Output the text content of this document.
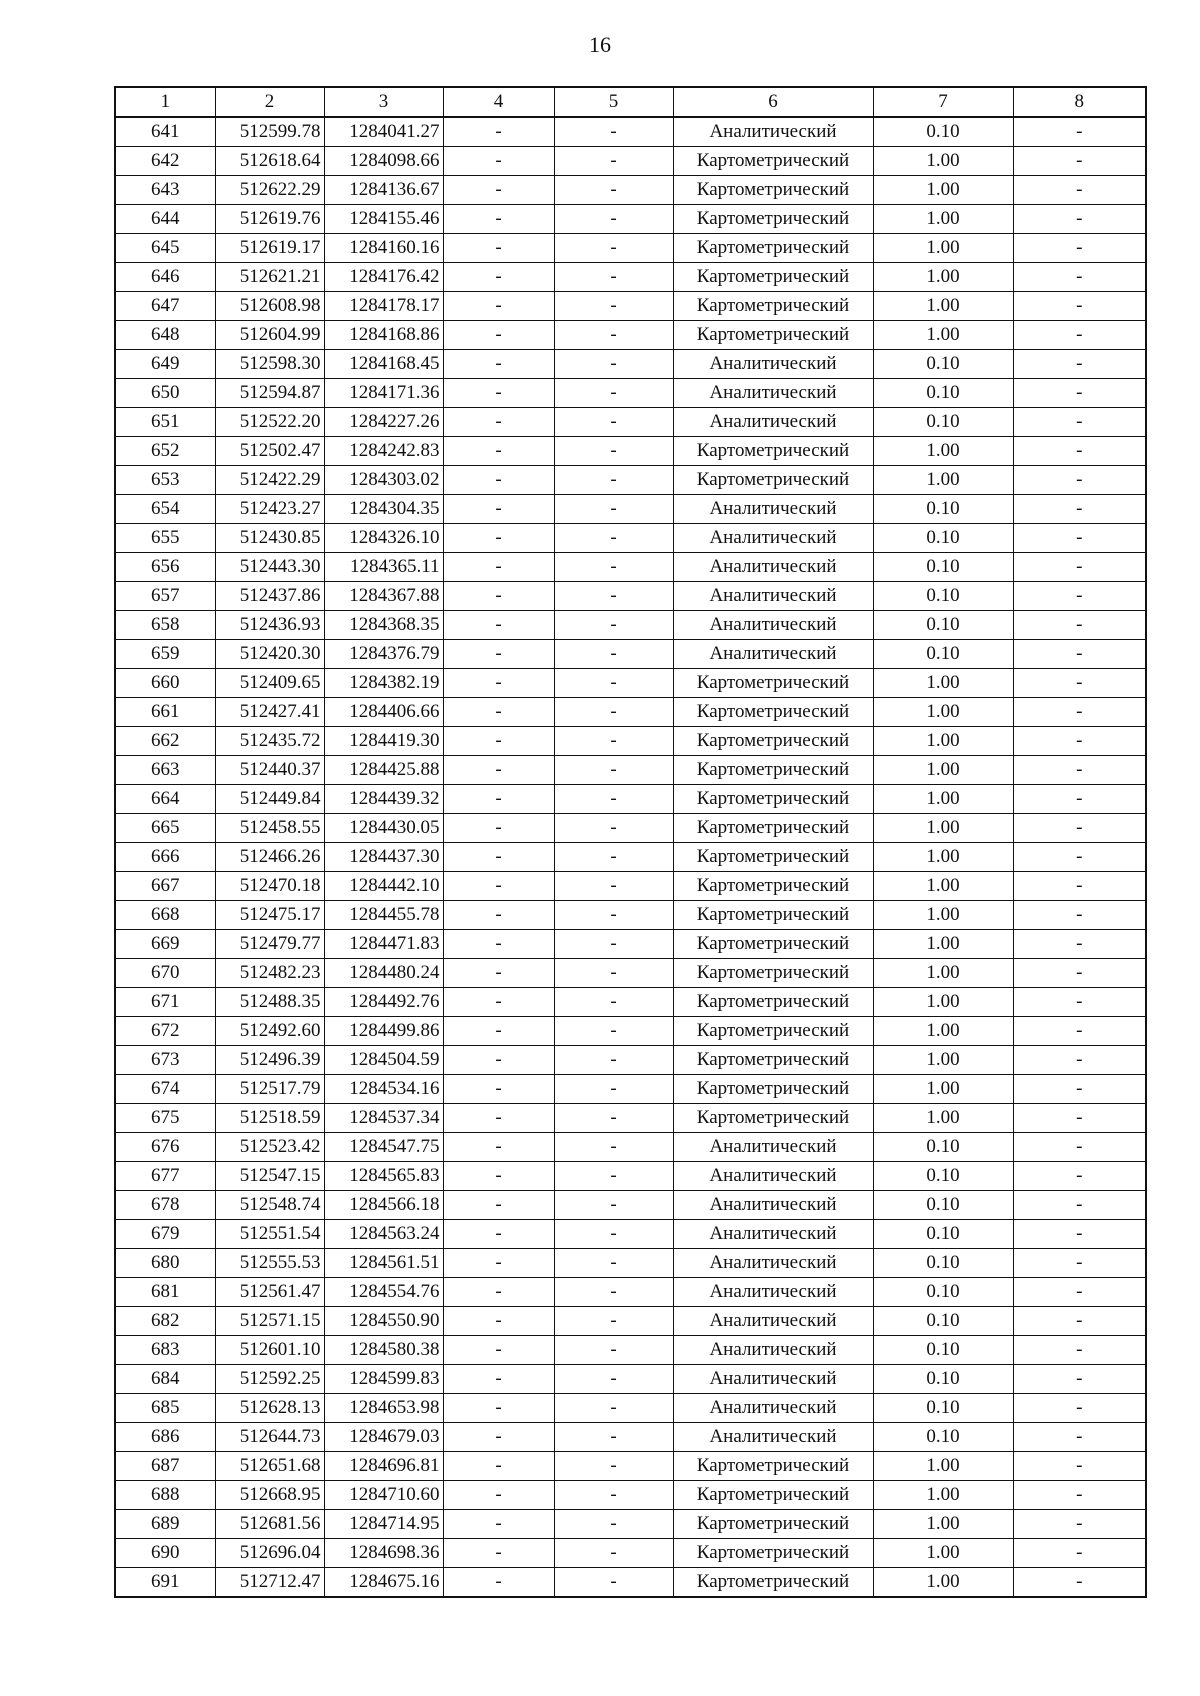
16
1	2	3	4	5	6	7	8
641	512599.78	1284041.27	-	-	Аналитический	0.10	-
642	512618.64	1284098.66	-	-	Картометрический	1.00	-
643	512622.29	1284136.67	-	-	Картометрический	1.00	-
644	512619.76	1284155.46	-	-	Картометрический	1.00	-
645	512619.17	1284160.16	-	-	Картометрический	1.00	-
646	512621.21	1284176.42	-	-	Картометрический	1.00	-
647	512608.98	1284178.17	-	-	Картометрический	1.00	-
648	512604.99	1284168.86	-	-	Картометрический	1.00	-
649	512598.30	1284168.45	-	-	Аналитический	0.10	-
650	512594.87	1284171.36	-	-	Аналитический	0.10	-
651	512522.20	1284227.26	-	-	Аналитический	0.10	-
652	512502.47	1284242.83	-	-	Картометрический	1.00	-
653	512422.29	1284303.02	-	-	Картометрический	1.00	-
654	512423.27	1284304.35	-	-	Аналитический	0.10	-
655	512430.85	1284326.10	-	-	Аналитический	0.10	-
656	512443.30	1284365.11	-	-	Аналитический	0.10	-
657	512437.86	1284367.88	-	-	Аналитический	0.10	-
658	512436.93	1284368.35	-	-	Аналитический	0.10	-
659	512420.30	1284376.79	-	-	Аналитический	0.10	-
660	512409.65	1284382.19	-	-	Картометрический	1.00	-
661	512427.41	1284406.66	-	-	Картометрический	1.00	-
662	512435.72	1284419.30	-	-	Картометрический	1.00	-
663	512440.37	1284425.88	-	-	Картометрический	1.00	-
664	512449.84	1284439.32	-	-	Картометрический	1.00	-
665	512458.55	1284430.05	-	-	Картометрический	1.00	-
666	512466.26	1284437.30	-	-	Картометрический	1.00	-
667	512470.18	1284442.10	-	-	Картометрический	1.00	-
668	512475.17	1284455.78	-	-	Картометрический	1.00	-
669	512479.77	1284471.83	-	-	Картометрический	1.00	-
670	512482.23	1284480.24	-	-	Картометрический	1.00	-
671	512488.35	1284492.76	-	-	Картометрический	1.00	-
672	512492.60	1284499.86	-	-	Картометрический	1.00	-
673	512496.39	1284504.59	-	-	Картометрический	1.00	-
674	512517.79	1284534.16	-	-	Картометрический	1.00	-
675	512518.59	1284537.34	-	-	Картометрический	1.00	-
676	512523.42	1284547.75	-	-	Аналитический	0.10	-
677	512547.15	1284565.83	-	-	Аналитический	0.10	-
678	512548.74	1284566.18	-	-	Аналитический	0.10	-
679	512551.54	1284563.24	-	-	Аналитический	0.10	-
680	512555.53	1284561.51	-	-	Аналитический	0.10	-
681	512561.47	1284554.76	-	-	Аналитический	0.10	-
682	512571.15	1284550.90	-	-	Аналитический	0.10	-
683	512601.10	1284580.38	-	-	Аналитический	0.10	-
684	512592.25	1284599.83	-	-	Аналитический	0.10	-
685	512628.13	1284653.98	-	-	Аналитический	0.10	-
686	512644.73	1284679.03	-	-	Аналитический	0.10	-
687	512651.68	1284696.81	-	-	Картометрический	1.00	-
688	512668.95	1284710.60	-	-	Картометрический	1.00	-
689	512681.56	1284714.95	-	-	Картометрический	1.00	-
690	512696.04	1284698.36	-	-	Картометрический	1.00	-
691	512712.47	1284675.16	-	-	Картометрический	1.00	-
